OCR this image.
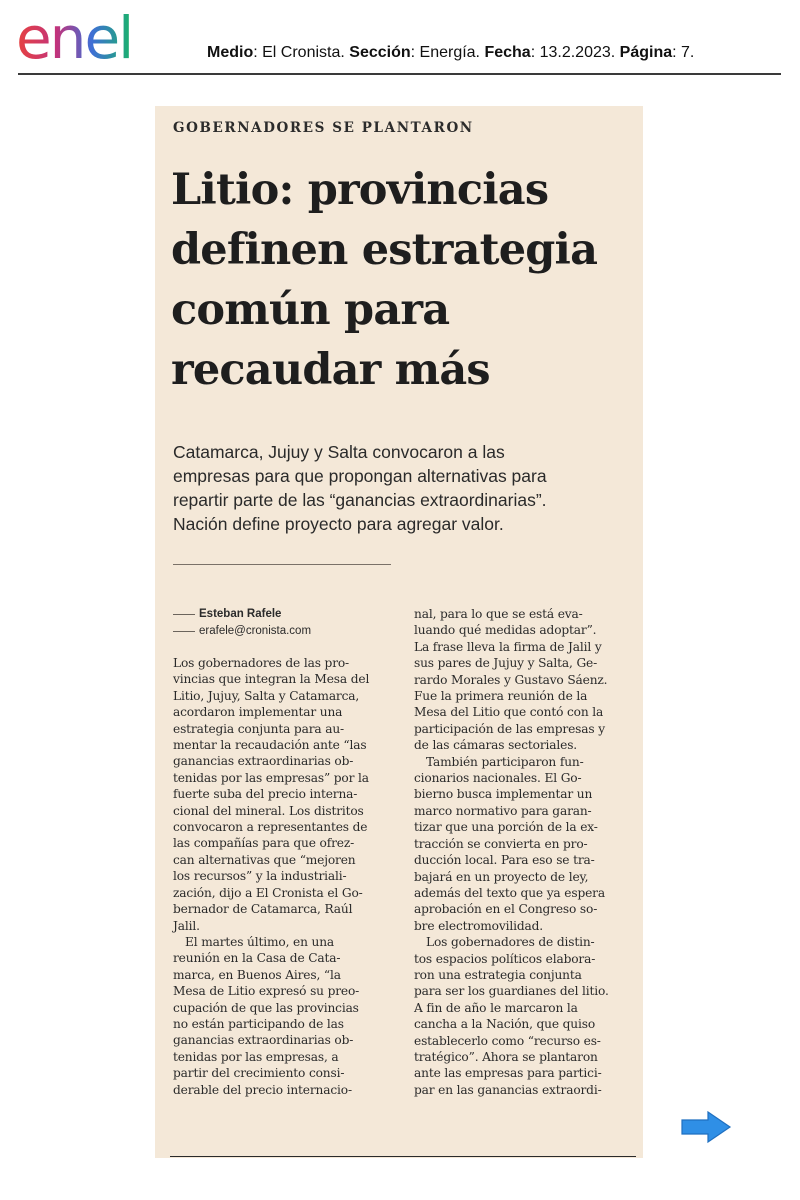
enel	Medio: El Cronista. Sección: Energía. Fecha: 13.2.2023. Página: 7.
GOBERNADORES SE PLANTARON
Litio: provincias
definen estrategia
común para
recaudar más
Catamarca, Jujuy y Salta convocaron a las
empresas para que propongan alternativas para
repartir parte de las “ganancias extraordinarias”.
Nación define proyecto para agregar valor.
Esteban Rafele
erafele@cronista.com
Los gobernadores de las pro-
vincias que integran la Mesa del
Litio, Jujuy, Salta y Catamarca,
acordaron implementar una
estrategia conjunta para au-
mentar la recaudación ante “las
ganancias extraordinarias ob-
tenidas por las empresas” por la
fuerte suba del precio interna-
cional del mineral. Los distritos
convocaron a representantes de
las compañías para que ofrez-
can alternativas que “mejoren
los recursos” y la industriali-
zación, dijo a El Cronista el Go-
bernador de Catamarca, Raúl
Jalil.
El martes último, en una
reunión en la Casa de Cata-
marca, en Buenos Aires, “la
Mesa de Litio expresó su preo-
cupación de que las provincias
no están participando de las
ganancias extraordinarias ob-
tenidas por las empresas, a
partir del crecimiento consi-
derable del precio internacio-
nal, para lo que se está eva-
luando qué medidas adoptar”.
La frase lleva la firma de Jalil y
sus pares de Jujuy y Salta, Ge-
rardo Morales y Gustavo Sáenz.
Fue la primera reunión de la
Mesa del Litio que contó con la
participación de las empresas y
de las cámaras sectoriales.
También participaron fun-
cionarios nacionales. El Go-
bierno busca implementar un
marco normativo para garan-
tizar que una porción de la ex-
tracción se convierta en pro-
ducción local. Para eso se tra-
bajará en un proyecto de ley,
además del texto que ya espera
aprobación en el Congreso so-
bre electromovilidad.
Los gobernadores de distin-
tos espacios políticos elabora-
ron una estrategia conjunta
para ser los guardianes del litio.
A fin de año le marcaron la
cancha a la Nación, que quiso
establecerlo como “recurso es-
tratégico”. Ahora se plantaron
ante las empresas para partici-
par en las ganancias extraordi-
